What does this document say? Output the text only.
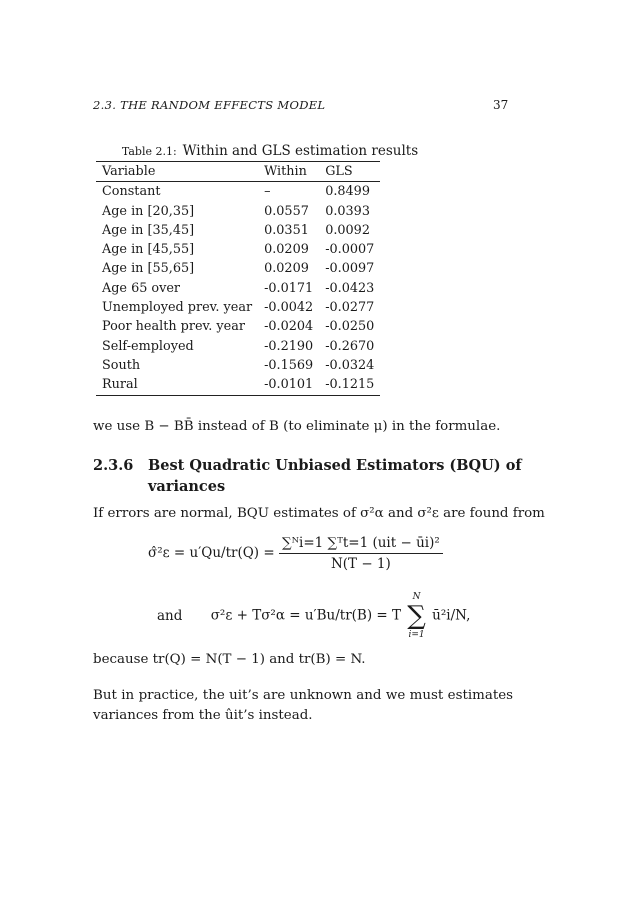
2.3. THE RANDOM EFFECTS MODEL	37
Table 2.1: Within and GLS estimation results
Variable	Within	GLS
Constant	–	0.8499
Age in [20,35]	0.0557	0.0393
Age in [35,45]	0.0351	0.0092
Age in [45,55]	0.0209	-0.0007
Age in [55,65]	0.0209	-0.0097
Age 65 over	-0.0171	-0.0423
Unemployed prev. year	-0.0042	-0.0277
Poor health prev. year	-0.0204	-0.0250
Self-employed	-0.2190	-0.2670
South	-0.1569	-0.0324
Rural	-0.0101	-0.1215
we use B − BB̄ instead of B (to eliminate μ) in the formulae.
2.3.6 Best Quadratic Unbiased Estimators (BQU) of
variances
If errors are normal, BQU estimates of σ²α and σ²ε are found from
σ̂²ε = $u'Qu/tr(Q) = \frac{\text{∑ᴺi=1 ∑ᵀt=1 (uit − ūi)²}}{N(T - 1)}$
and σ²ε + Tσ²α = u′Bu/tr(B) = T
N
∑
i=1
ū²i/N,
because tr(Q) = N(T − 1) and tr(B) = N.
But in practice, the uit’s are unknown and we must estimates variances from the ûit’s instead.
